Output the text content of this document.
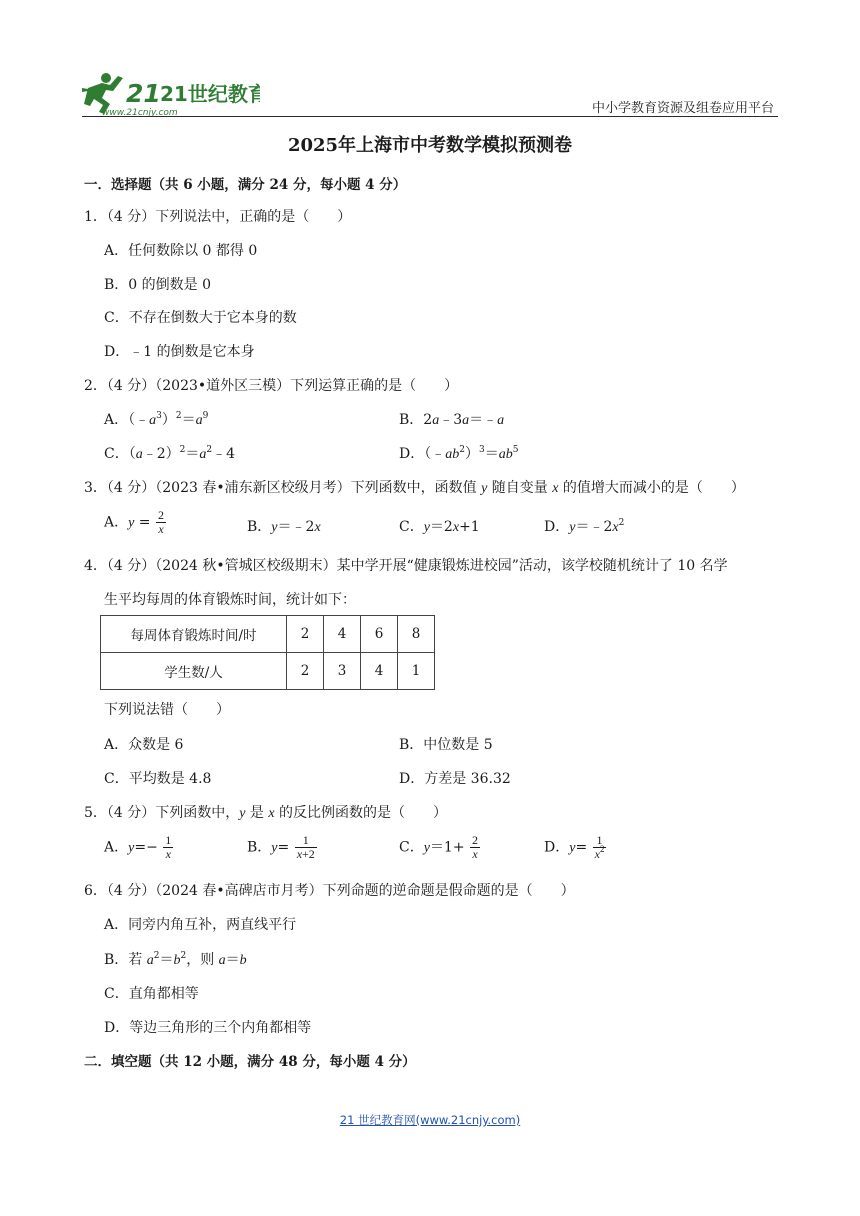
21 21世纪教育
www.21cnjy.com	中小学教育资源及组卷应用平台
2025年上海市中考数学模拟预测卷
一．选择题（共 6 小题，满分 24 分，每小题 4 分）
1．（4 分）下列说法中，正确的是（　　）
A．任何数除以 0 都得 0
B．0 的倒数是 0
C．不存在倒数大于它本身的数
D．﹣1 的倒数是它本身
2．（4 分）（2023•道外区三模）下列运算正确的是（　　）
A．$(﹣a^3)^2=a^9$	B．2a﹣3a＝﹣a
C．$(a﹣2)^2=a^2﹣4$	D．$(﹣ab^2)^3=ab^5$
3．（4 分）（2023 春•浦东新区校级月考）下列函数中，函数值 y 随自变量 x 的值增大而减小的是（　　）
A．$y = \frac{2}{x}$	B．y＝﹣2x	C．y＝2x+1	D．$y=﹣2x^2$
4．（4 分）（2024 秋•管城区校级期末）某中学开展“健康锻炼进校园”活动，该学校随机统计了 10 名学
生平均每周的体育锻炼时间，统计如下：
每周体育锻炼时间/时	2	4	6	8
学生数/人	2	3	4	1
下列说法错（　　）
A．众数是 6	B．中位数是 5
C．平均数是 4.8	D．方差是 36.32
5．（4 分）下列函数中，y 是 x 的反比例函数的是（　　）
A．$y=- \frac{1}{x}$	B．$y= \frac{1}{x+2}$	C．$y=1+ \frac{2}{x}$	D．$y= \frac{1}{x^2}$
6．（4 分）（2024 春•高碑店市月考）下列命题的逆命题是假命题的是（　　）
A．同旁内角互补，两直线平行
B．若 $a^2=b^2$，则 a＝b
C．直角都相等
D．等边三角形的三个内角都相等
二．填空题（共 12 小题，满分 48 分，每小题 4 分）
21 世纪教育网(www.21cnjy.com)
